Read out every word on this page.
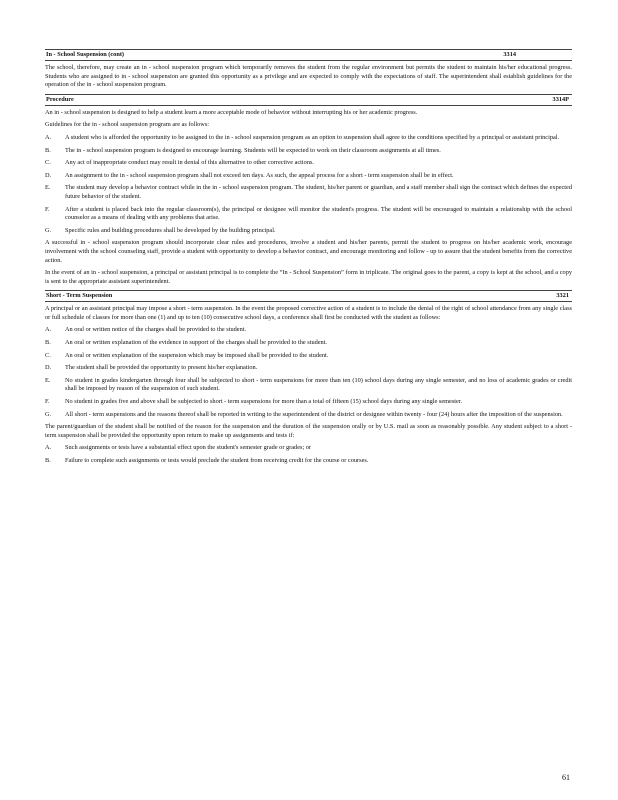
In - School Suspension (cont)	3314

The school, therefore, may create an in - school suspension program which temporarily removes the student from the regular environment but permits the student to maintain his/her educational progress. Students who are assigned to in - school suspension are granted this opportunity as a privilege and are expected to comply with the expectations of staff. The superintendent shall establish guidelines for the operation of the in - school suspension program.

Procedure	3314P

An in - school suspension is designed to help a student learn a more acceptable mode of behavior without interrupting his or her academic progress.

Guidelines for the in - school suspension program are as follows:

A.	A student who is afforded the opportunity to be assigned to the in - school suspension program as an option to suspension shall agree to the conditions specified by a principal or assistant principal.
B.	The in - school suspension program is designed to encourage learning. Students will be expected to work on their classroom assignments at all times.
C.	Any act of inappropriate conduct may result in denial of this alternative to other corrective actions.
D.	An assignment to the in - school suspension program shall not exceed ten days. As such, the appeal process for a short - term suspension shall be in effect.
E.	The student may develop a behavior contract while in the in - school suspension program. The student, his/her parent or guardian, and a staff member shall sign the contract which defines the expected future behavior of the student.
F.	After a student is placed back into the regular classroom(s), the principal or designee will monitor the student's progress. The student will be encouraged to maintain a relationship with the school counselor as a means of dealing with any problems that arise.
G.	Specific rules and building procedures shall be developed by the building principal.

A successful in - school suspension program should incorporate clear rules and procedures, involve a student and his/her parents, permit the student to progress on his/her academic work, encourage involvement with the school counseling staff, provide a student with opportunity to develop a behavior contract, and encourage monitoring and follow - up to assure that the student benefits from the corrective action.

In the event of an in - school suspension, a principal or assistant principal is to complete the “In - School Suspension” form in triplicate. The original goes to the parent, a copy is kept at the school, and a copy is sent to the appropriate assistant superintendent.

Short - Term Suspension	3321

A principal or an assistant principal may impose a short - term suspension. In the event the proposed corrective action of a student is to include the denial of the right of school attendance from any single class or full schedule of classes for more than one (1) and up to ten (10) consecutive school days, a conference shall first be conducted with the student as follows:

A.	An oral or written notice of the charges shall be provided to the student.
B.	An oral or written explanation of the evidence in support of the charges shall be provided to the student.
C.	An oral or written explanation of the suspension which may be imposed shall be provided to the student.
D.	The student shall be provided the opportunity to present his/her explanation.
E.	No student in grades kindergarten through four shall be subjected to short - term suspensions for more than ten (10) school days during any single semester, and no loss of academic grades or credit shall be imposed by reason of the suspension of such student.
F.	No student in grades five and above shall be subjected to short - term suspensions for more than a total of fifteen (15) school days during any single semester.
G.	All short - term suspensions and the reasons thereof shall be reported in writing to the superintendent of the district or designee within twenty - four (24) hours after the imposition of the suspension.

The parent/guardian of the student shall be notified of the reason for the suspension and the duration of the suspension orally or by U.S. mail as soon as reasonably possible. Any student subject to a short - term suspension shall be provided the opportunity upon return to make up assignments and tests if:

A.	Such assignments or tests have a substantial effect upon the student's semester grade or grades; or
B.	Failure to complete such assignments or tests would preclude the student from receiving credit for the course or courses.
61
